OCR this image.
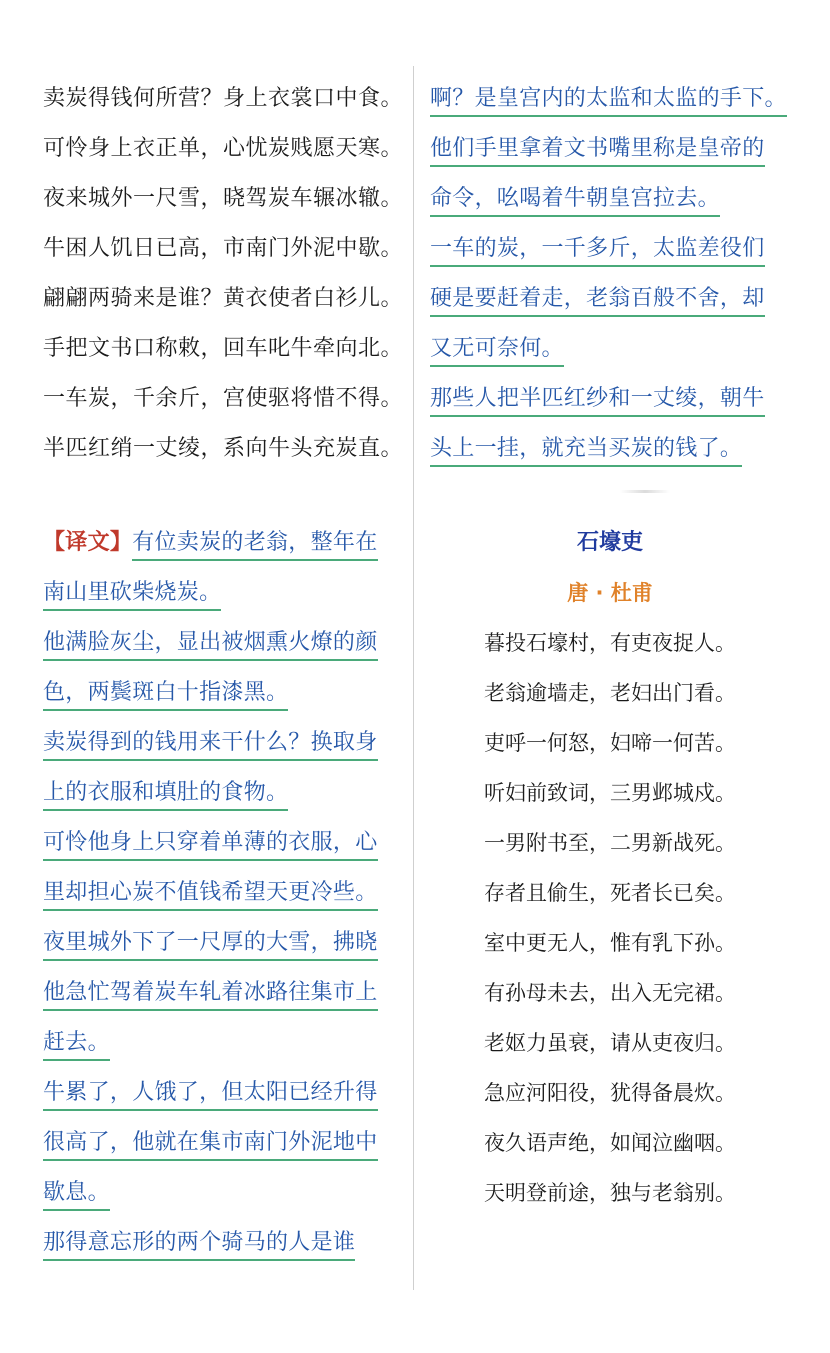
卖炭得钱何所营？身上衣裳口中食。
可怜身上衣正单，心忧炭贱愿天寒。
夜来城外一尺雪，晓驾炭车辗冰辙。
牛困人饥日已高，市南门外泥中歇。
翩翩两骑来是谁？黄衣使者白衫儿。
手把文书口称敕，回车叱牛牵向北。
一车炭，千余斤，宫使驱将惜不得。
半匹红绡一丈绫，系向牛头充炭直。
【译文】有位卖炭的老翁，整年在
南山里砍柴烧炭。
他满脸灰尘，显出被烟熏火燎的颜
色，两鬓斑白十指漆黑。
卖炭得到的钱用来干什么？换取身
上的衣服和填肚的食物。
可怜他身上只穿着单薄的衣服，心
里却担心炭不值钱希望天更冷些。
夜里城外下了一尺厚的大雪，拂晓
他急忙驾着炭车轧着冰路往集市上
赶去。
牛累了，人饿了，但太阳已经升得
很高了，他就在集市南门外泥地中
歇息。
那得意忘形的两个骑马的人是谁
啊？是皇宫内的太监和太监的手下。
他们手里拿着文书嘴里称是皇帝的
命令，吆喝着牛朝皇宫拉去。
一车的炭，一千多斤，太监差役们
硬是要赶着走，老翁百般不舍，却
又无可奈何。
那些人把半匹红纱和一丈绫，朝牛
头上一挂，就充当买炭的钱了。
石壕吏
唐 · 杜甫
暮投石壕村，有吏夜捉人。
老翁逾墙走，老妇出门看。
吏呼一何怒，妇啼一何苦。
听妇前致词，三男邺城戍。
一男附书至，二男新战死。
存者且偷生，死者长已矣。
室中更无人，惟有乳下孙。
有孙母未去，出入无完裙。
老妪力虽衰，请从吏夜归。
急应河阳役，犹得备晨炊。
夜久语声绝，如闻泣幽咽。
天明登前途，独与老翁别。
